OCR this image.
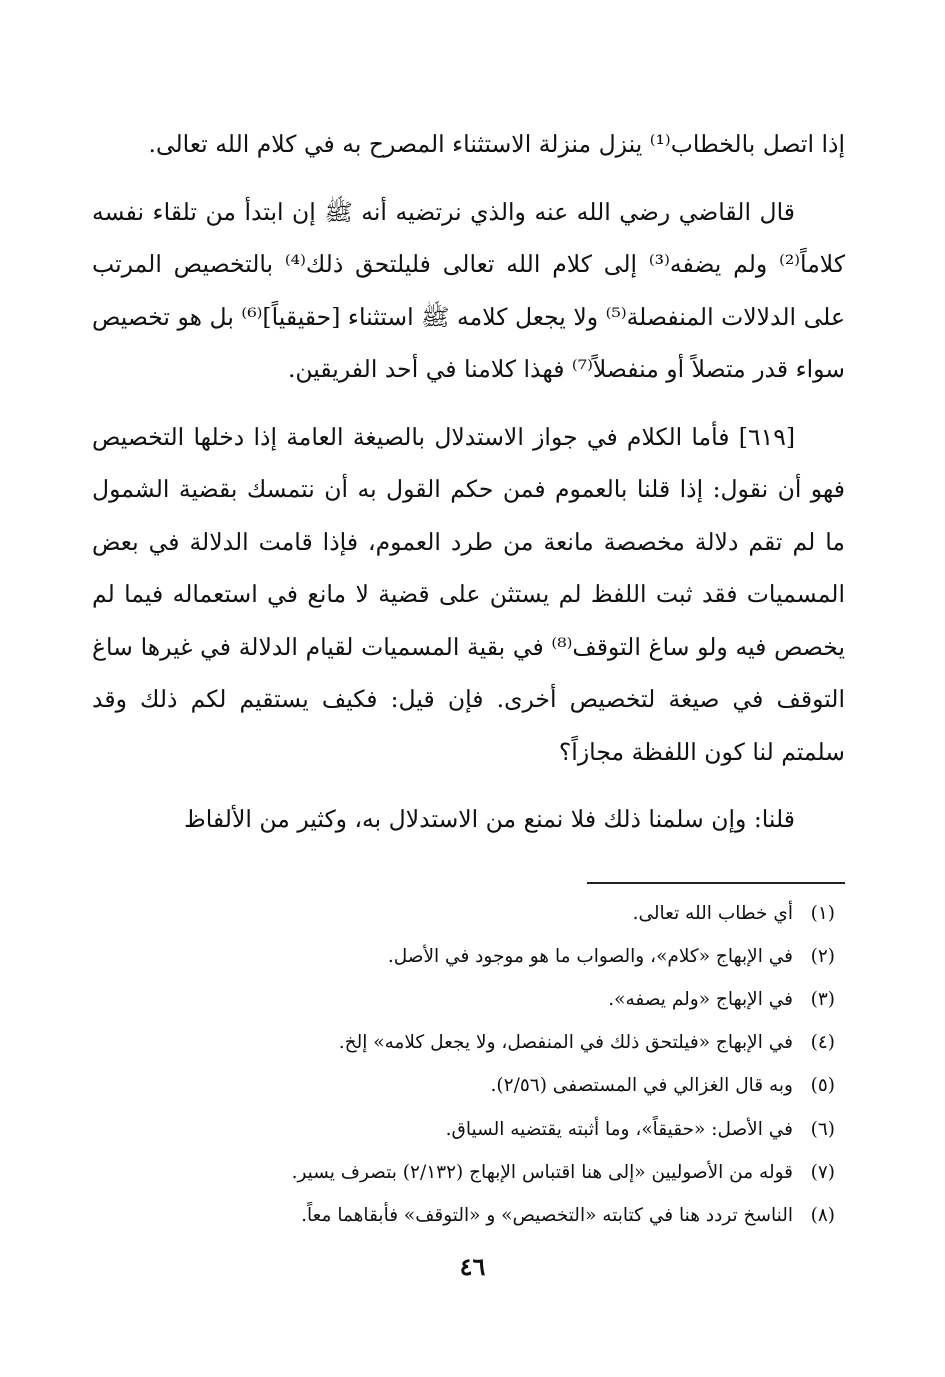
إذا اتصل بالخطاب⁽¹⁾ ينزل منزلة الاستثناء المصرح به في كلام الله تعالى.

قال القاضي رضي الله عنه والذي نرتضيه أنه ﷺ إن ابتدأ من تلقاء نفسه كلاماً⁽²⁾ ولم يضفه⁽³⁾ إلى كلام الله تعالى فليلتحق ذلك⁽⁴⁾ بالتخصيص المرتب على الدلالات المنفصلة⁽⁵⁾ ولا يجعل كلامه ﷺ استثناء [حقيقياً]⁽⁶⁾ بل هو تخصيص سواء قدر متصلاً أو منفصلاً⁽⁷⁾ فهذا كلامنا في أحد الفريقين.

[٦١٩] فأما الكلام في جواز الاستدلال بالصيغة العامة إذا دخلها التخصيص فهو أن نقول: إذا قلنا بالعموم فمن حكم القول به أن نتمسك بقضية الشمول ما لم تقم دلالة مخصصة مانعة من طرد العموم، فإذا قامت الدلالة في بعض المسميات فقد ثبت اللفظ لم يستثن على قضية لا مانع في استعماله فيما لم يخصص فيه ولو ساغ التوقف⁽⁸⁾ في بقية المسميات لقيام الدلالة في غيرها ساغ التوقف في صيغة لتخصيص أخرى. فإن قيل: فكيف يستقيم لكم ذلك وقد سلمتم لنا كون اللفظة مجازاً؟

قلنا: وإن سلمنا ذلك فلا نمنع من الاستدلال به، وكثير من الألفاظ

(١)
أي خطاب الله تعالى.
(٢)
في الإبهاج «كلام»، والصواب ما هو موجود في الأصل.
(٣)
في الإبهاج «ولم يصفه».
(٤)
في الإبهاج «فيلتحق ذلك في المنفصل، ولا يجعل كلامه» إلخ.
(٥)
وبه قال الغزالي في المستصفى (٢/٥٦).
(٦)
في الأصل: «حقيقاً»، وما أثبته يقتضيه السياق.
(٧)
قوله من الأصوليين «إلى هنا اقتباس الإبهاج (٢/١٣٢) بتصرف يسير.
(٨)
الناسخ تردد هنا في كتابته «التخصيص» و «التوقف» فأبقاهما معاً.
٤٦
